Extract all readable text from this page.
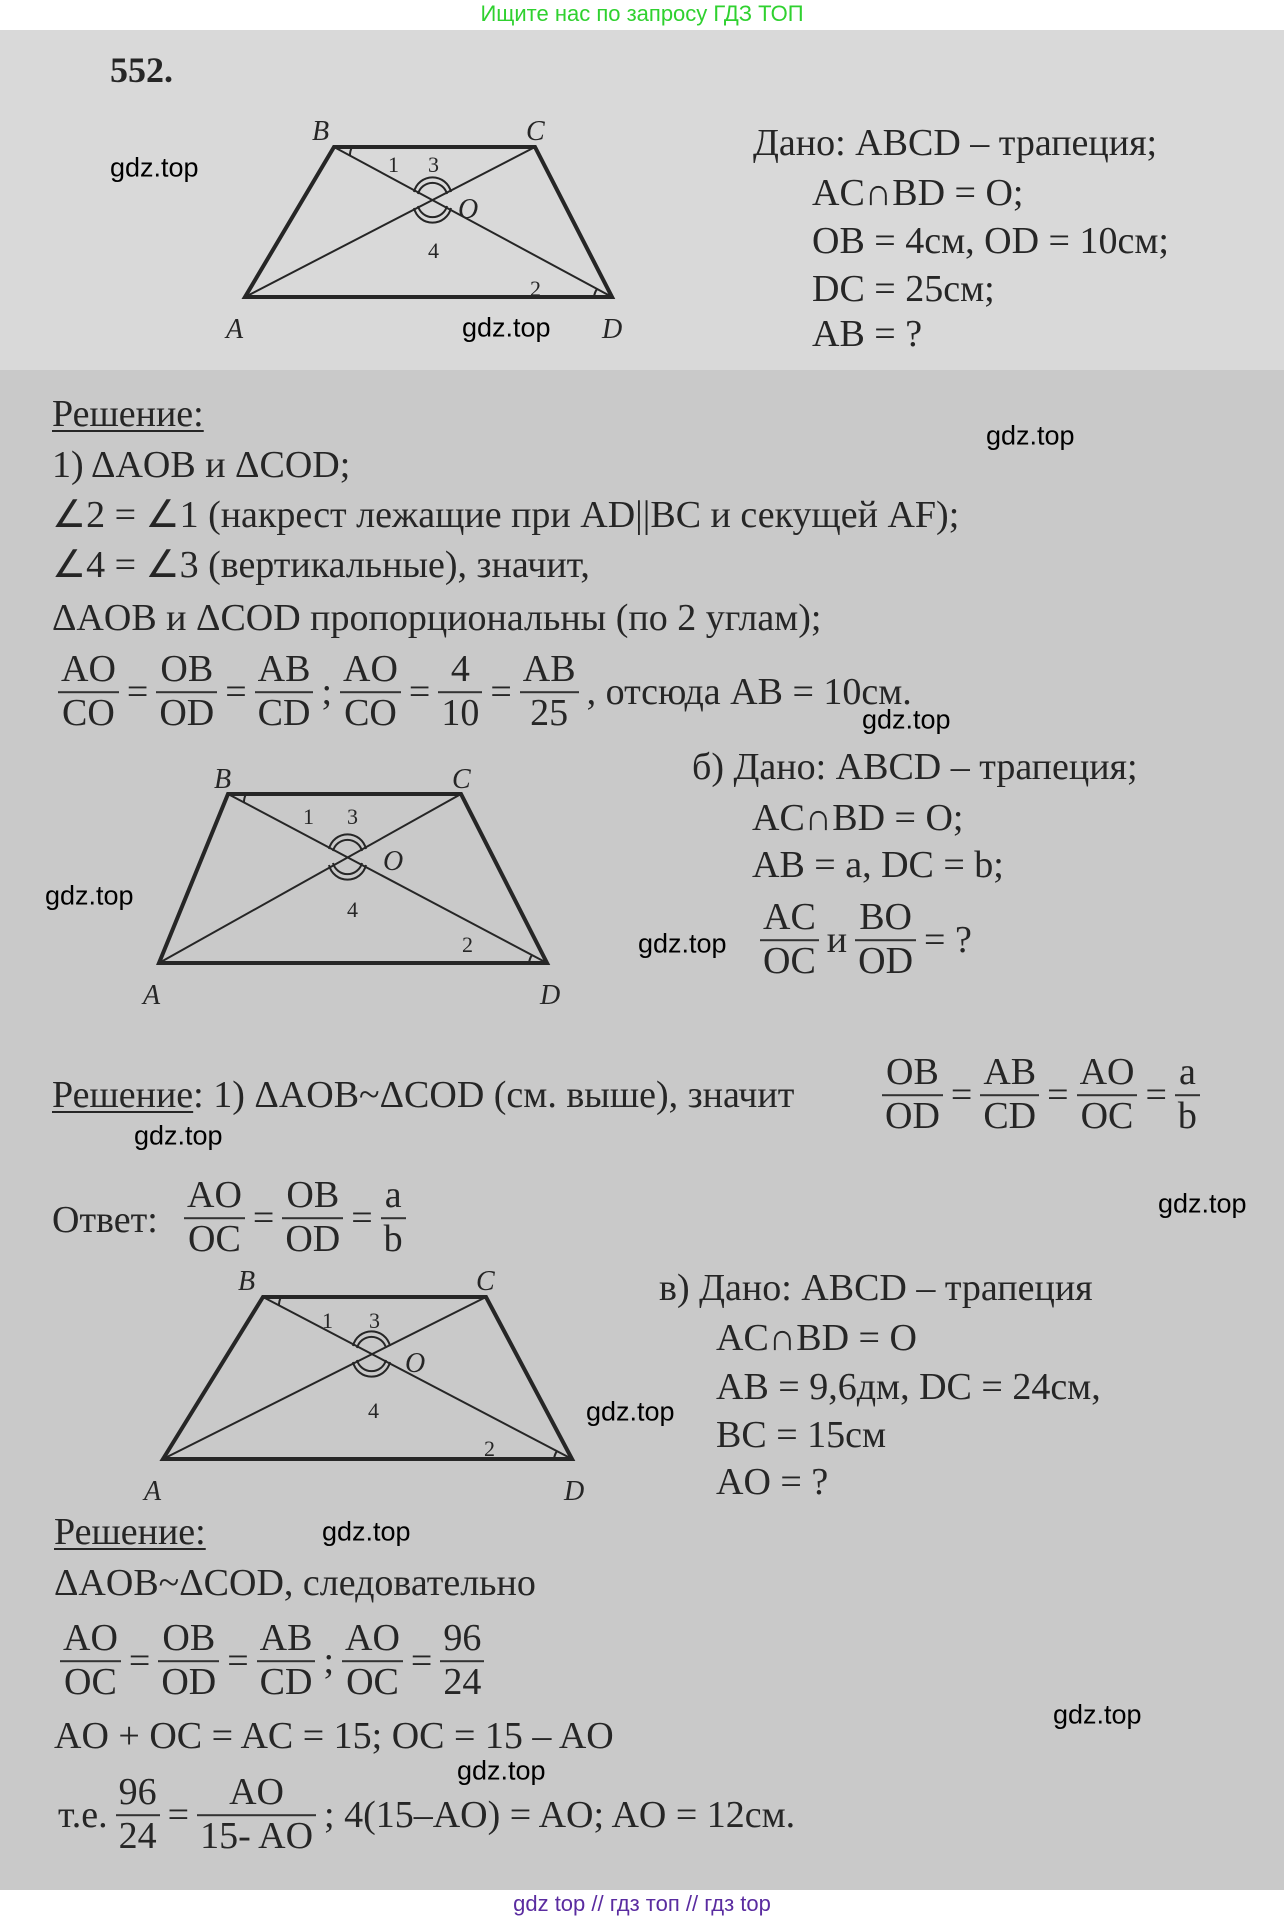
Ищите нас по запросу ГДЗ ТОП
552.
B	C
A	D
O
1 3
4
2
B	C
A	D
O
1 3
4
2
B	C
A	D
O
1 3
4
2
Дано: ABCD – трапеция;
AC∩BD = O;
OB = 4см, OD = 10см;
DC = 25см;
AB = ?
Решение:
1) ΔAOB и ΔCOD;
∠2 = ∠1 (накрест лежащие при AD||BC и секущей AF);
∠4 = ∠3 (вертикальные), значит,
ΔAOB и ΔCOD пропорциональны (по 2 углам);
$\frac{AO}{CO} = \frac{OB}{OD} = \frac{AB}{CD}$ ; $\frac{AO}{CO} = \frac{4}{10} = \frac{AB}{25}$ , отсюда AB = 10см.
б) Дано: ABCD – трапеция;
AC∩BD = O;
AB = a, DC = b;
$\frac{AC}{OC}$ и $\frac{BO}{OD}$ = ?
Решение: 1) ΔAOB~ΔCOD (см. выше), значит $\frac{OB}{OD} = \frac{AB}{CD} = \frac{AO}{OC} = \frac{a}{b}$
Ответ: $\frac{AO}{OC} = \frac{OB}{OD} = \frac{a}{b}$
в) Дано: ABCD – трапеция
AC∩BD = O
AB = 9,6дм, DC = 24см,
BC = 15см
AO = ?
Решение:
ΔAOB~ΔCOD, следовательно
$\frac{AO}{OC} = \frac{OB}{OD} = \frac{AB}{CD}$ ; $\frac{AO}{OC} = \frac{96}{24}$
AO + OC = AC = 15; OC = 15 – AO
т.е. $\frac{96}{24} = \frac{AO}{15- AO}$ ; 4(15–AO) = AO; AO = 12см.
gdz.top
gdz.top
gdz.top
gdz.top
gdz.top
gdz.top
gdz.top
gdz.top
gdz.top
gdz.top
gdz.top
gdz.top
gdz top // гдз топ // гдз top
